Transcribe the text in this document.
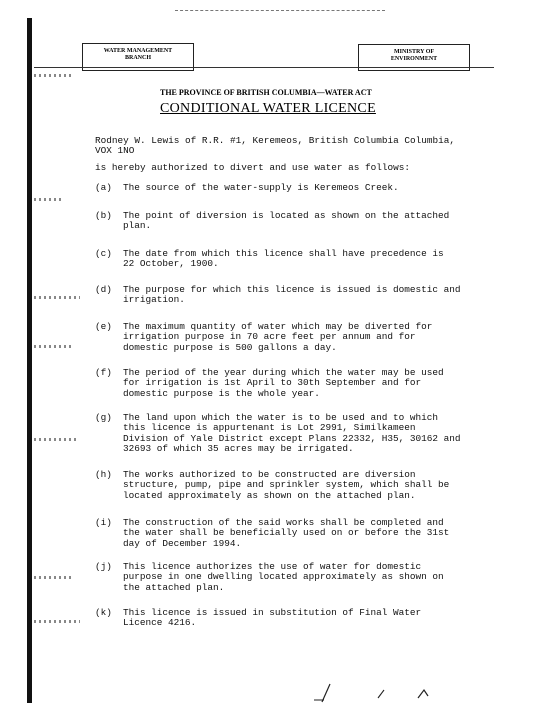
WATER MANAGEMENT
BRANCH
MINISTRY OF
ENVIRONMENT
THE PROVINCE OF BRITISH COLUMBIA—WATER ACT
CONDITIONAL WATER LICENCE
Rodney W. Lewis of R.R. #1, Keremeos, British Columbia Columbia,
VOX 1NO
is hereby authorized to divert and use water as follows:
(a) The source of the water-supply is Keremeos Creek.
(b) The point of diversion is located as shown on the attached
plan.
(c) The date from which this licence shall have precedence is
22 October, 1900.
(d) The purpose for which this licence is issued is domestic and
irrigation.
(e) The maximum quantity of water which may be diverted for
irrigation purpose in 70 acre feet per annum and for
domestic purpose is 500 gallons a day.
(f) The period of the year during which the water may be used
for irrigation is 1st April to 30th September and for
domestic purpose is the whole year.
(g) The land upon which the water is to be used and to which
this licence is appurtenant is Lot 2991, Similkameen
Division of Yale District except Plans 22332, H35, 30162 and
32693 of which 35 acres may be irrigated.
(h) The works authorized to be constructed are diversion
structure, pump, pipe and sprinkler system, which shall be
located approximately as shown on the attached plan.
(i) The construction of the said works shall be completed and
the water shall be beneficially used on or before the 31st
day of December 1994.
(j) This licence authorizes the use of water for domestic
purpose in one dwelling located approximately as shown on
the attached plan.
(k) This licence is issued in substitution of Final Water
Licence 4216.
